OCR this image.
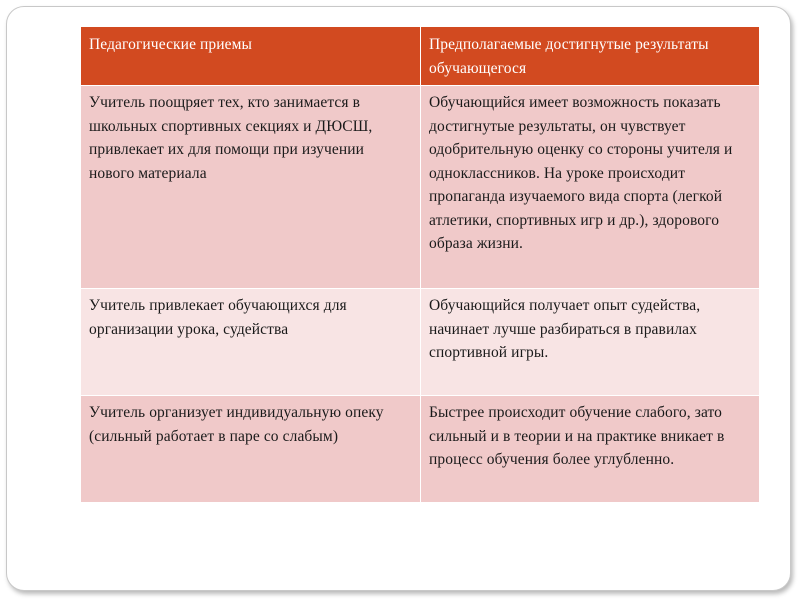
Педагогические приемы	Предполагаемые достигнутые результаты обучающегося
Учитель поощряет тех, кто занимается в школьных спортивных секциях и ДЮСШ, привлекает их для помощи при изучении нового материала	Обучающийся имеет возможность показать достигнутые результаты, он чувствует одобрительную оценку со стороны учителя и одноклассников. На уроке происходит пропаганда изучаемого вида спорта (легкой атлетики, спортивных игр и др.), здорового образа жизни.
Учитель привлекает обучающихся для организации урока, судейства	Обучающийся получает опыт судейства, начинает лучше разбираться в правилах спортивной игры.
Учитель организует индивидуальную опеку (сильный работает в паре со слабым)	Быстрее происходит обучение слабого, зато сильный и в теории и на практике вникает в процесс обучения более углубленно.
